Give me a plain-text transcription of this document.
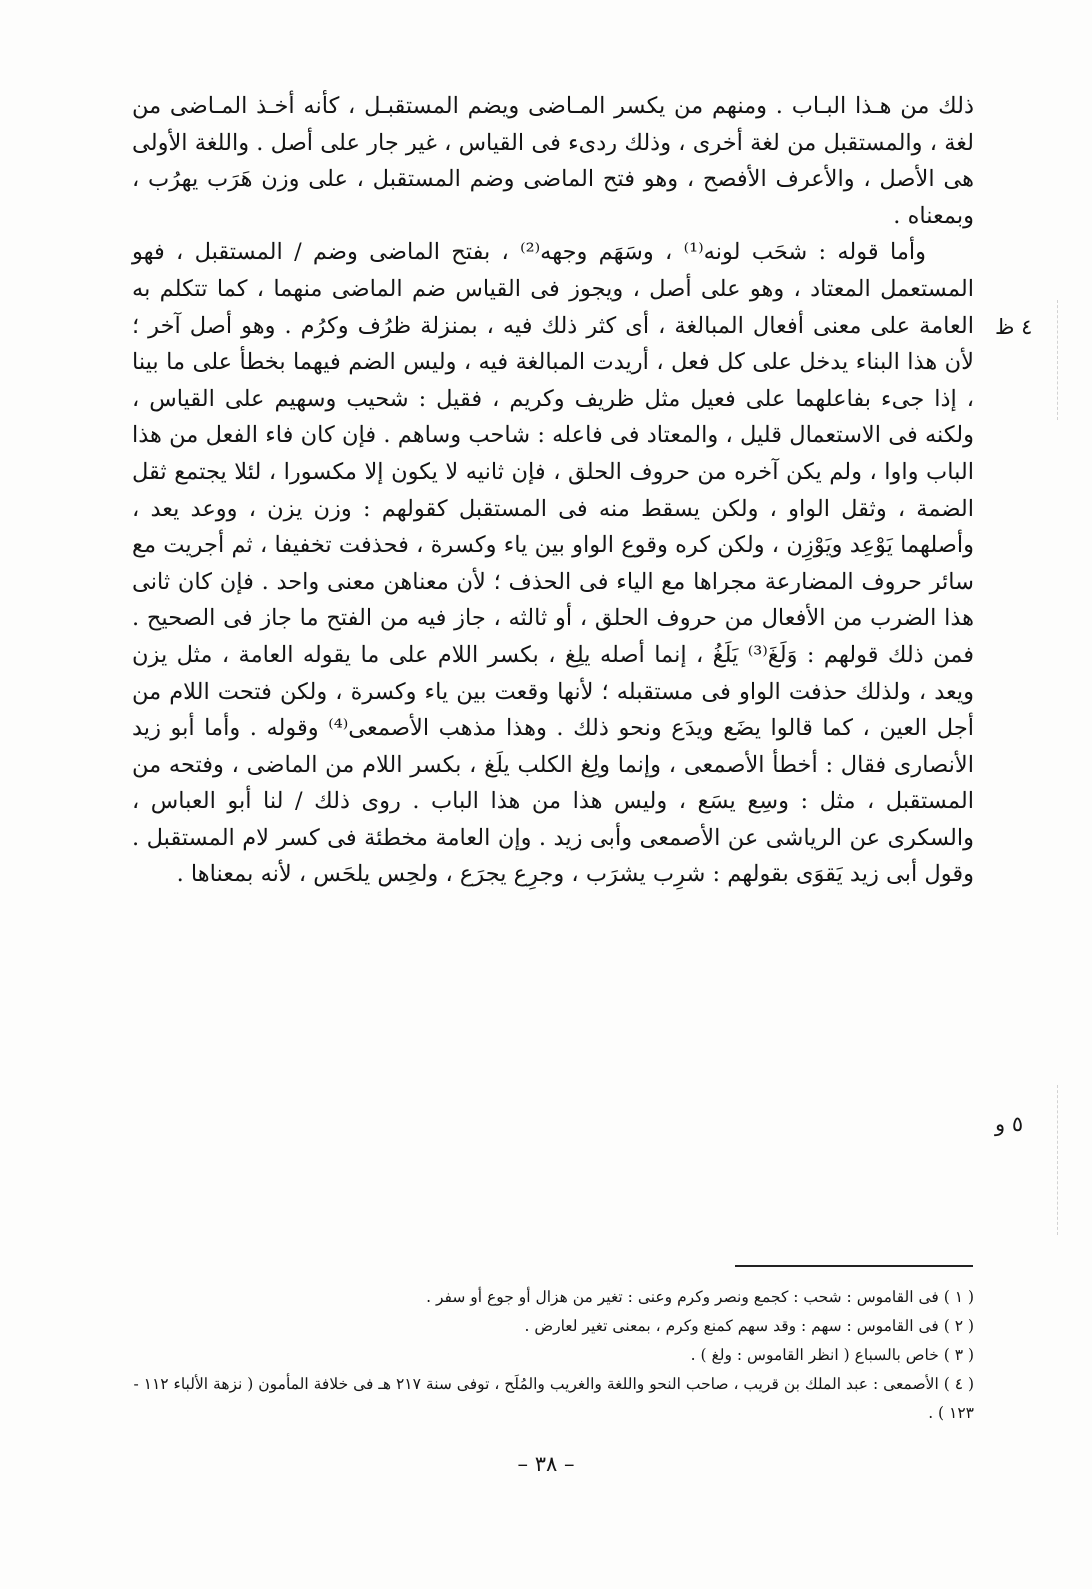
٤ ظ
٥ و

ذلك من هـذا البـاب . ومنهم من يكسر المـاضى ويضم المستقبـل ، كأنه أخـذ المـاضى من لغة ، والمستقبل من لغة أخرى ، وذلك ردىء فى القياس ، غير جار على أصل . واللغة الأولى هى الأصل ، والأعرف الأفصح ، وهو فتح الماضى وضم المستقبل ، على وزن هَرَب يهرُب ، وبمعناه .

وأما قوله : شحَب لونه⁽¹⁾ ، وسَهَم وجهه⁽²⁾ ، بفتح الماضى وضم / المستقبل ، فهو المستعمل المعتاد ، وهو على أصل ، ويجوز فى القياس ضم الماضى منهما ، كما تتكلم به العامة على معنى أفعال المبالغة ، أى كثر ذلك فيه ، بمنزلة ظرُف وكرُم . وهو أصل آخر ؛ لأن هذا البناء يدخل على كل فعل ، أريدت المبالغة فيه ، وليس الضم فيهما بخطأ على ما بينا ، إذا جىء بفاعلهما على فعيل مثل ظريف وكريم ، فقيل : شحيب وسهيم على القياس ، ولكنه فى الاستعمال قليل ، والمعتاد فى فاعله : شاحب وساهم . فإن كان فاء الفعل من هذا الباب واوا ، ولم يكن آخره من حروف الحلق ، فإن ثانيه لا يكون إلا مكسورا ، لئلا يجتمع ثقل الضمة ، وثقل الواو ، ولكن يسقط منه فى المستقبل كقولهم : وزن يزن ، ووعد يعد ، وأصلهما يَوْعِد ويَوْزِن ، ولكن كره وقوع الواو بين ياء وكسرة ، فحذفت تخفيفا ، ثم أجريت مع سائر حروف المضارعة مجراها مع الياء فى الحذف ؛ لأن معناهن معنى واحد . فإن كان ثانى هذا الضرب من الأفعال من حروف الحلق ، أو ثالثه ، جاز فيه من الفتح ما جاز فى الصحيح . فمن ذلك قولهم : وَلَغَ⁽³⁾ يَلَغُ ، إنما أصله يلِغ ، بكسر اللام على ما يقوله العامة ، مثل يزن ويعد ، ولذلك حذفت الواو فى مستقبله ؛ لأنها وقعت بين ياء وكسرة ، ولكن فتحت اللام من أجل العين ، كما قالوا يضَع ويدَع ونحو ذلك . وهذا مذهب الأصمعى⁽⁴⁾ وقوله . وأما أبو زيد الأنصارى فقال : أخطأ الأصمعى ، وإنما ولِغ الكلب يلَغ ، بكسر اللام من الماضى ، وفتحه من المستقبل ، مثل : وسِع يسَع ، وليس هذا من هذا الباب . روى ذلك / لنا أبو العباس ، والسكرى عن الرياشى عن الأصمعى وأبى زيد . وإن العامة مخطئة فى كسر لام المستقبل . وقول أبى زيد يَقوَى بقولهم : شرِب يشرَب ، وجرِع يجرَع ، ولحِس يلحَس ، لأنه بمعناها .

( ١ ) فى القاموس : شحب : كجمع ونصر وكرم وعنى : تغير من هزال أو جوع أو سفر .

( ٢ ) فى القاموس : سهم : وقد سهم كمنع وكرم ، بمعنى تغير لعارض .

( ٣ ) خاص بالسباع ( انظر القاموس : ولغ ) .

( ٤ ) الأصمعى : عبد الملك بن قريب ، صاحب النحو واللغة والغريب والمُلَح ، توفى سنة ٢١٧ هـ فى خلافة المأمون ( نزهة الألباء ١١٢ - ١٢٣ ) .

– ٣٨ –
